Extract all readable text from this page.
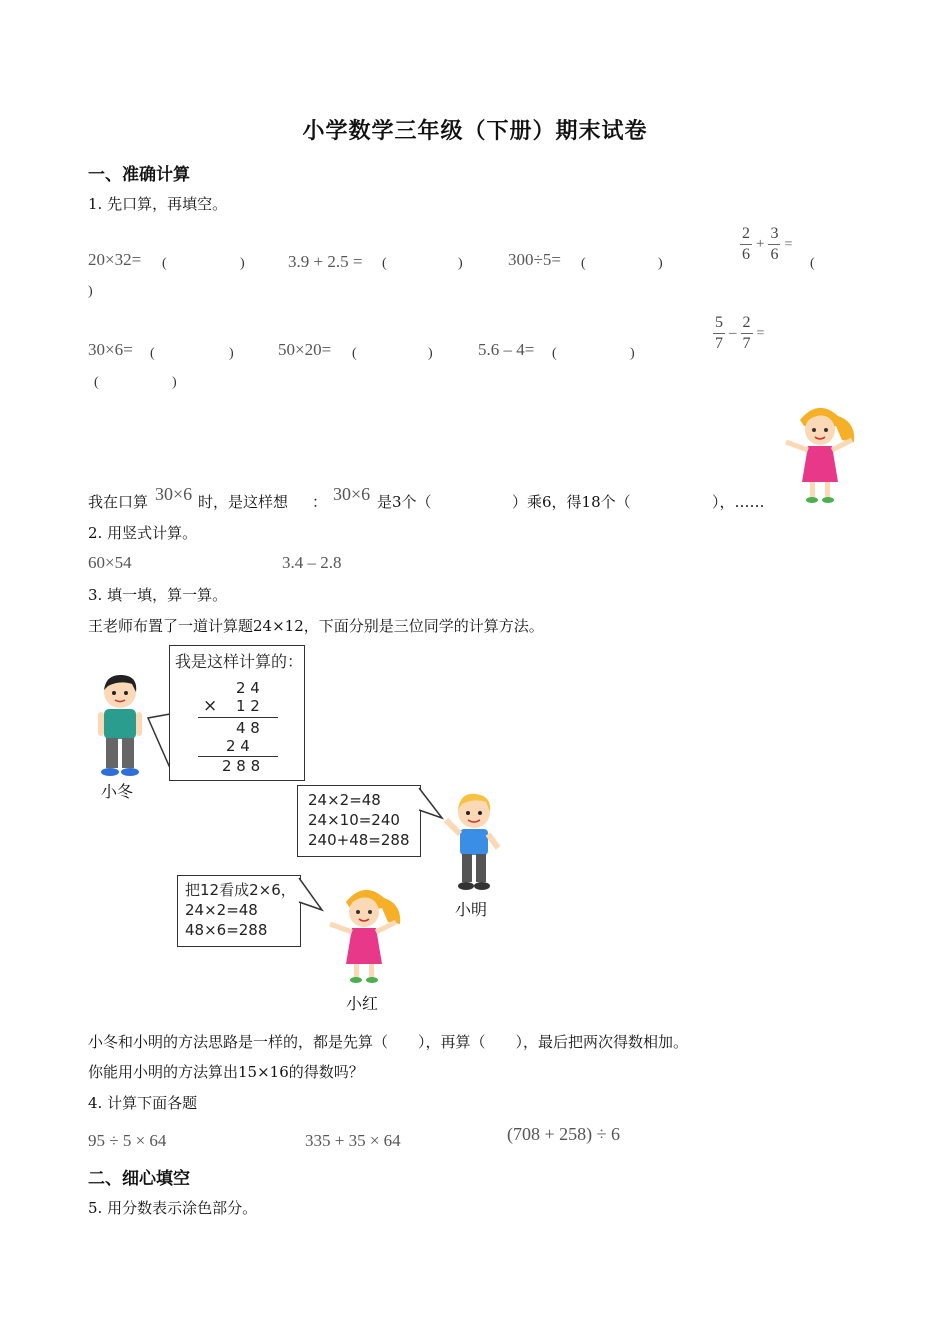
小学数学三年级（下册）期末试卷
一、准确计算
1. 先口算，再填空。
20×32= (	)	3.9 + 2.5 = (	)	300÷5= (	)
$\frac{2}{6} + \frac{3}{6}$ =
(
)
30×6= (	)	50×20= (	)	5.6 – 4= (	)
$\frac{5}{7} - \frac{2}{7}$ =
(	)
我在口算 30×6 时，是这样想 ： 30×6 是3个（	）乘6，得18个（	），……
2. 用竖式计算。
60×54	3.4 – 2.8
3. 填一填，算一算。
王老师布置了一道计算题24×12，下面分别是三位同学的计算方法。
我是这样计算的：
2 4
× 1 2
4 8
2 4
2 8 8
小冬	24×2=48
24×10=240
240+48=288
小明
把12看成2×6，
24×2=48
48×6=288
小红
小冬和小明的方法思路是一样的，都是先算（　　），再算（　　），最后把两次得数相加。
你能用小明的方法算出15×16的得数吗？
4. 计算下面各题
95 ÷ 5 × 64	335 + 35 × 64	(708 + 258) ÷ 6
二、细心填空
5. 用分数表示涂色部分。
